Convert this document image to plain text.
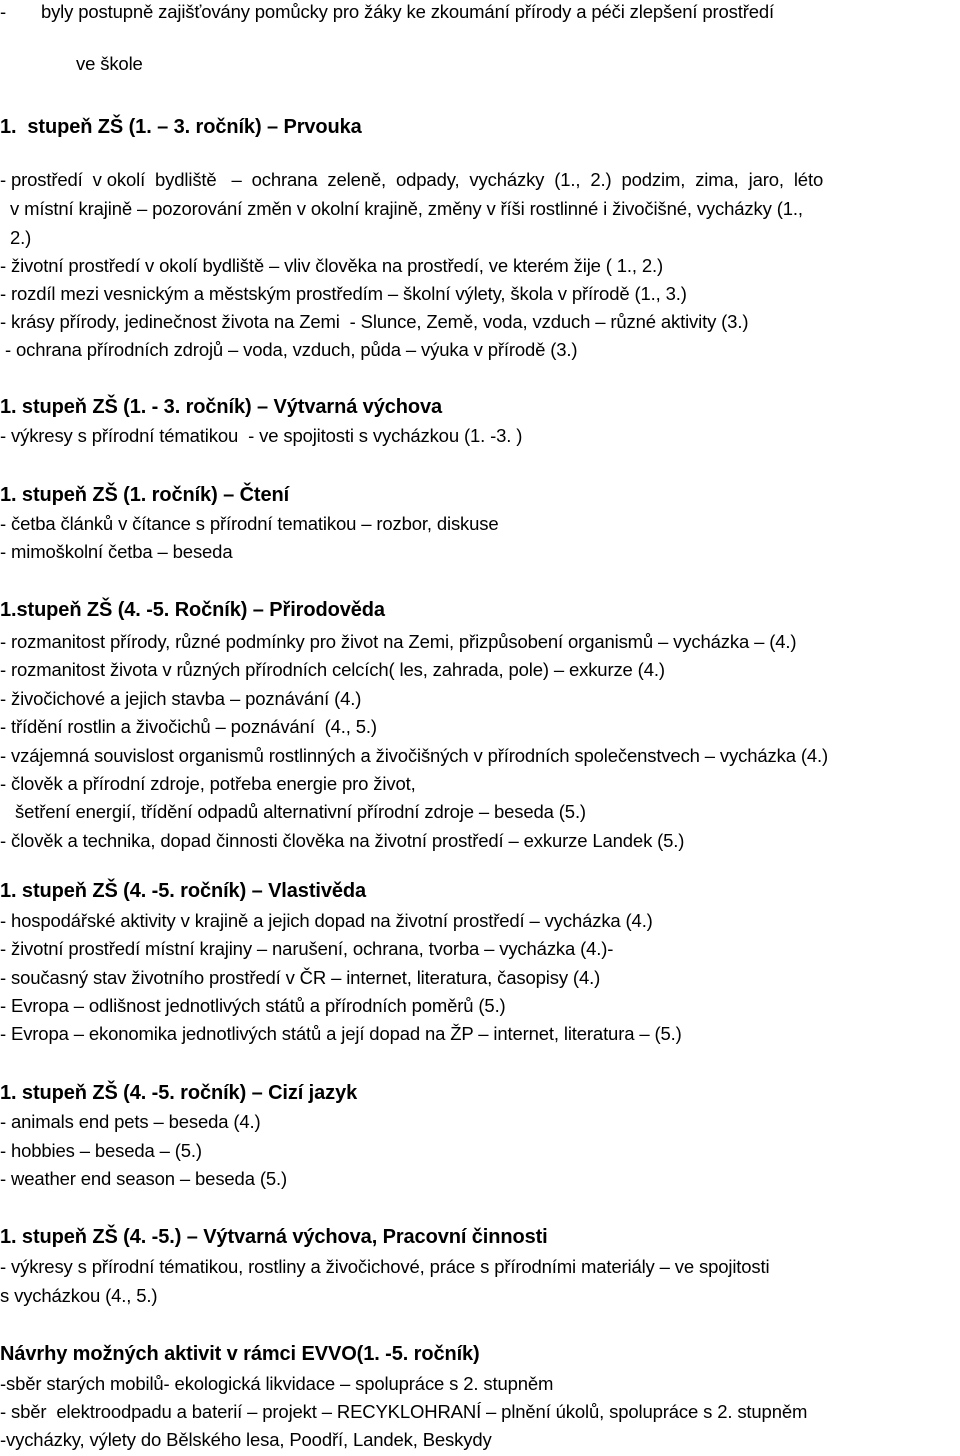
-       byly postupně zajišťovány pomůcky pro žáky ke zkoumání přírody a péči zlepšení prostředí
ve škole
1.  stupeň ZŠ (1. – 3. ročník) – Prvouka
- prostředí  v okolí  bydliště   –  ochrana  zeleně,  odpady,  vycházky  (1.,  2.)  podzim,  zima,  jaro,  léto
v místní krajině – pozorování změn v okolní krajině, změny v říši rostlinné i živočišné, vycházky (1.,
2.)
- životní prostředí v okolí bydliště – vliv člověka na prostředí, ve kterém žije ( 1., 2.)
- rozdíl mezi vesnickým a městským prostředím – školní výlety, škola v přírodě (1., 3.)
- krásy přírody, jedinečnost života na Zemi  - Slunce, Země, voda, vzduch – různé aktivity (3.)
- ochrana přírodních zdrojů – voda, vzduch, půda – výuka v přírodě (3.)
1. stupeň ZŠ (1. - 3. ročník) – Výtvarná výchova
- výkresy s přírodní tématikou  - ve spojitosti s vycházkou (1. -3. )
1. stupeň ZŠ (1. ročník) – Čtení
- četba článků v čítance s přírodní tematikou – rozbor, diskuse
- mimoškolní četba – beseda
1.stupeň ZŠ (4. -5. Ročník) – Přirodověda
- rozmanitost přírody, různé podmínky pro život na Zemi, přizpůsobení organismů – vycházka – (4.)
- rozmanitost života v různých přírodních celcích( les, zahrada, pole) – exkurze (4.)
- živočichové a jejich stavba – poznávání (4.)
- třídění rostlin a živočichů – poznávání  (4., 5.)
- vzájemná souvislost organismů rostlinných a živočišných v přírodních společenstvech – vycházka (4.)
- člověk a přírodní zdroje, potřeba energie pro život,
šetření energií, třídění odpadů alternativní přírodní zdroje – beseda (5.)
- člověk a technika, dopad činnosti člověka na životní prostředí – exkurze Landek (5.)
1. stupeň ZŠ (4. -5. ročník) – Vlastivěda
- hospodářské aktivity v krajině a jejich dopad na životní prostředí – vycházka (4.)
- životní prostředí místní krajiny – narušení, ochrana, tvorba – vycházka (4.)-
- současný stav životního prostředí v ČR – internet, literatura, časopisy (4.)
- Evropa – odlišnost jednotlivých států a přírodních poměrů (5.)
- Evropa – ekonomika jednotlivých států a její dopad na ŽP – internet, literatura – (5.)
1. stupeň ZŠ (4. -5. ročník) – Cizí jazyk
- animals end pets – beseda (4.)
- hobbies – beseda – (5.)
- weather end season – beseda (5.)
1. stupeň ZŠ (4. -5.) – Výtvarná výchova, Pracovní činnosti
- výkresy s přírodní tématikou, rostliny a živočichové, práce s přírodními materiály – ve spojitosti
s vycházkou (4., 5.)
Návrhy možných aktivit v rámci EVVO(1. -5. ročník)
-sběr starých mobilů- ekologická likvidace – spolupráce s 2. stupněm
- sběr  elektroodpadu a baterií – projekt – RECYKLOHRANÍ – plnění úkolů, spolupráce s 2. stupněm
-vycházky, výlety do Bělského lesa, Poodří, Landek, Beskydy
